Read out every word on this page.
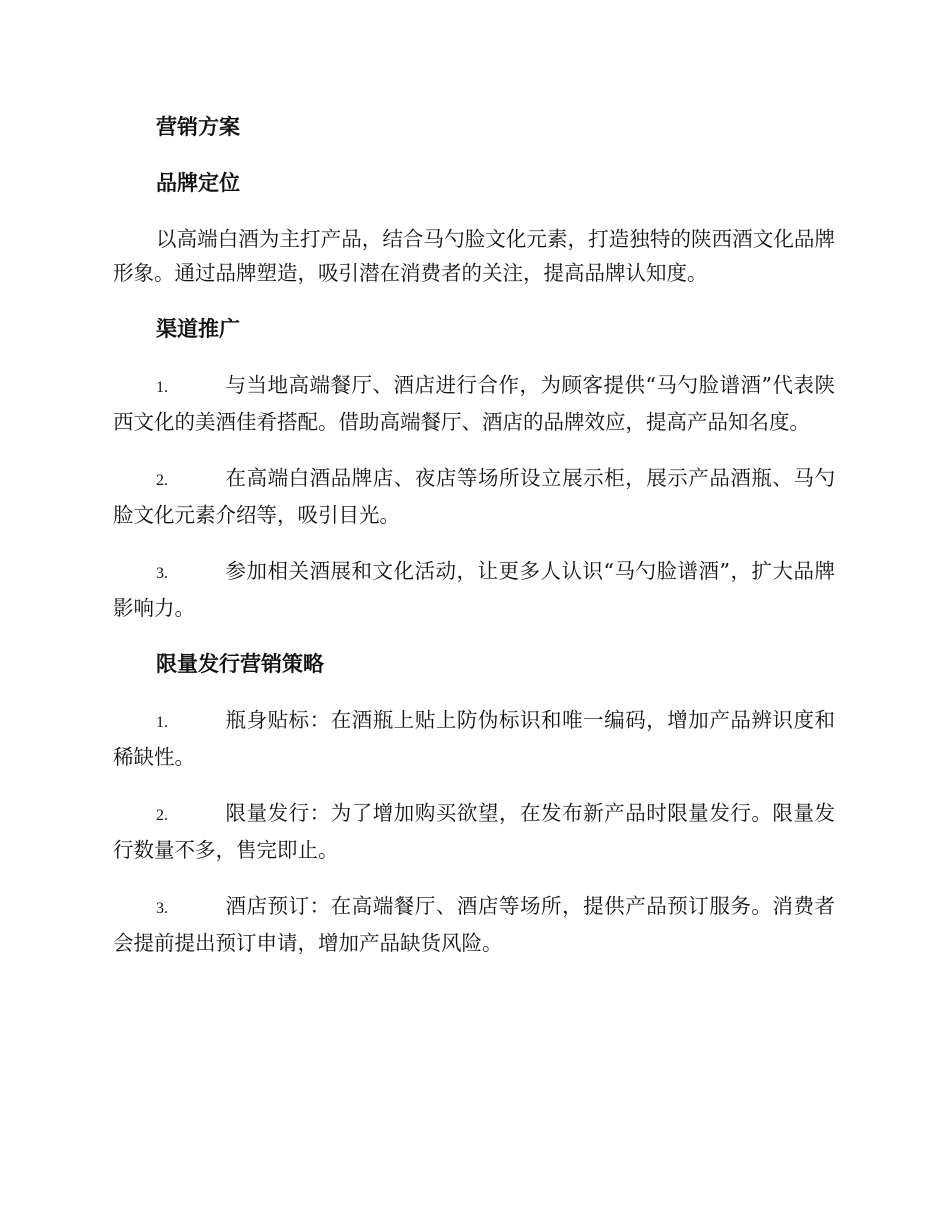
营销方案
品牌定位
以高端白酒为主打产品，结合马勺脸文化元素，打造独特的陕西酒文化品牌形象。通过品牌塑造，吸引潜在消费者的关注，提高品牌认知度。
渠道推广
1.	与当地高端餐厅、酒店进行合作，为顾客提供“马勺脸谱酒”代表陕西文化的美酒佳肴搭配。借助高端餐厅、酒店的品牌效应，提高产品知名度。
2.	在高端白酒品牌店、夜店等场所设立展示柜，展示产品酒瓶、马勺脸文化元素介绍等，吸引目光。
3.	参加相关酒展和文化活动，让更多人认识“马勺脸谱酒”，扩大品牌影响力。
限量发行营销策略
1.	瓶身贴标：在酒瓶上贴上防伪标识和唯一编码，增加产品辨识度和稀缺性。
2.	限量发行：为了增加购买欲望，在发布新产品时限量发行。限量发行数量不多，售完即止。
3.	酒店预订：在高端餐厅、酒店等场所，提供产品预订服务。消费者会提前提出预订申请，增加产品缺货风险。
